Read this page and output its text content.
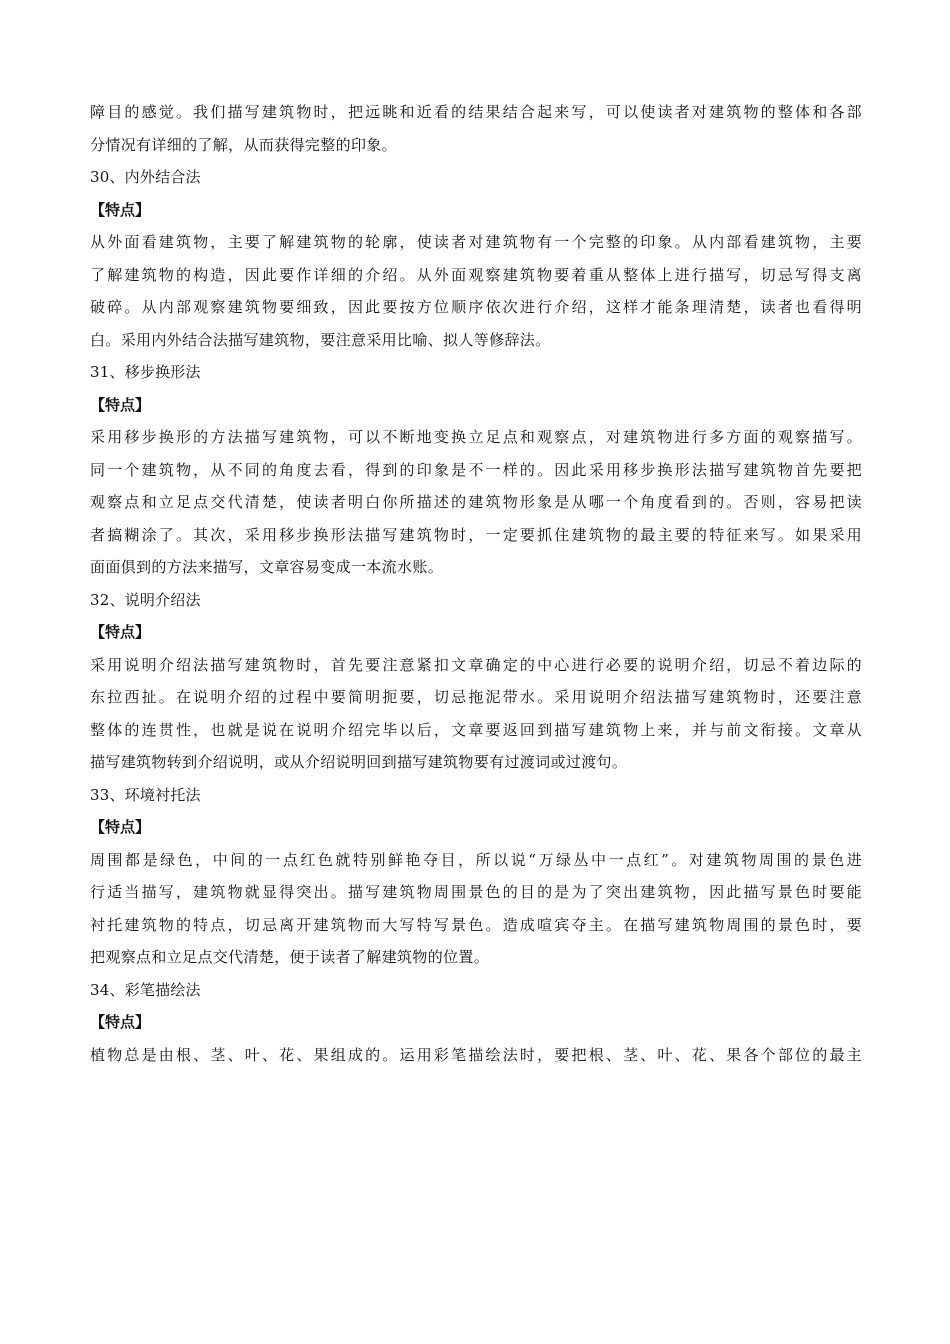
障目的感觉。我们描写建筑物时，把远眺和近看的结果结合起来写，可以使读者对建筑物的整体和各部
分情况有详细的了解，从而获得完整的印象。
30、内外结合法
【特点】
从外面看建筑物，主要了解建筑物的轮廓，使读者对建筑物有一个完整的印象。从内部看建筑物，主要
了解建筑物的构造，因此要作详细的介绍。从外面观察建筑物要着重从整体上进行描写，切忌写得支离
破碎。从内部观察建筑物要细致，因此要按方位顺序依次进行介绍，这样才能条理清楚，读者也看得明
白。采用内外结合法描写建筑物，要注意采用比喻、拟人等修辞法。
31、移步换形法
【特点】
采用移步换形的方法描写建筑物，可以不断地变换立足点和观察点，对建筑物进行多方面的观察描写。
同一个建筑物，从不同的角度去看，得到的印象是不一样的。因此采用移步换形法描写建筑物首先要把
观察点和立足点交代清楚，使读者明白你所描述的建筑物形象是从哪一个角度看到的。否则，容易把读
者搞糊涂了。其次，采用移步换形法描写建筑物时，一定要抓住建筑物的最主要的特征来写。如果采用
面面俱到的方法来描写，文章容易变成一本流水账。
32、说明介绍法
【特点】
采用说明介绍法描写建筑物时，首先要注意紧扣文章确定的中心进行必要的说明介绍，切忌不着边际的
东拉西扯。在说明介绍的过程中要简明扼要，切忌拖泥带水。采用说明介绍法描写建筑物时，还要注意
整体的连贯性，也就是说在说明介绍完毕以后，文章要返回到描写建筑物上来，并与前文衔接。文章从
描写建筑物转到介绍说明，或从介绍说明回到描写建筑物要有过渡词或过渡句。
33、环境衬托法
【特点】
周围都是绿色，中间的一点红色就特别鲜艳夺目，所以说“万绿丛中一点红”。对建筑物周围的景色进
行适当描写，建筑物就显得突出。描写建筑物周围景色的目的是为了突出建筑物，因此描写景色时要能
衬托建筑物的特点，切忌离开建筑物而大写特写景色。造成喧宾夺主。在描写建筑物周围的景色时，要
把观察点和立足点交代清楚，便于读者了解建筑物的位置。
34、彩笔描绘法
【特点】
植物总是由根、茎、叶、花、果组成的。运用彩笔描绘法时，要把根、茎、叶、花、果各个部位的最主
